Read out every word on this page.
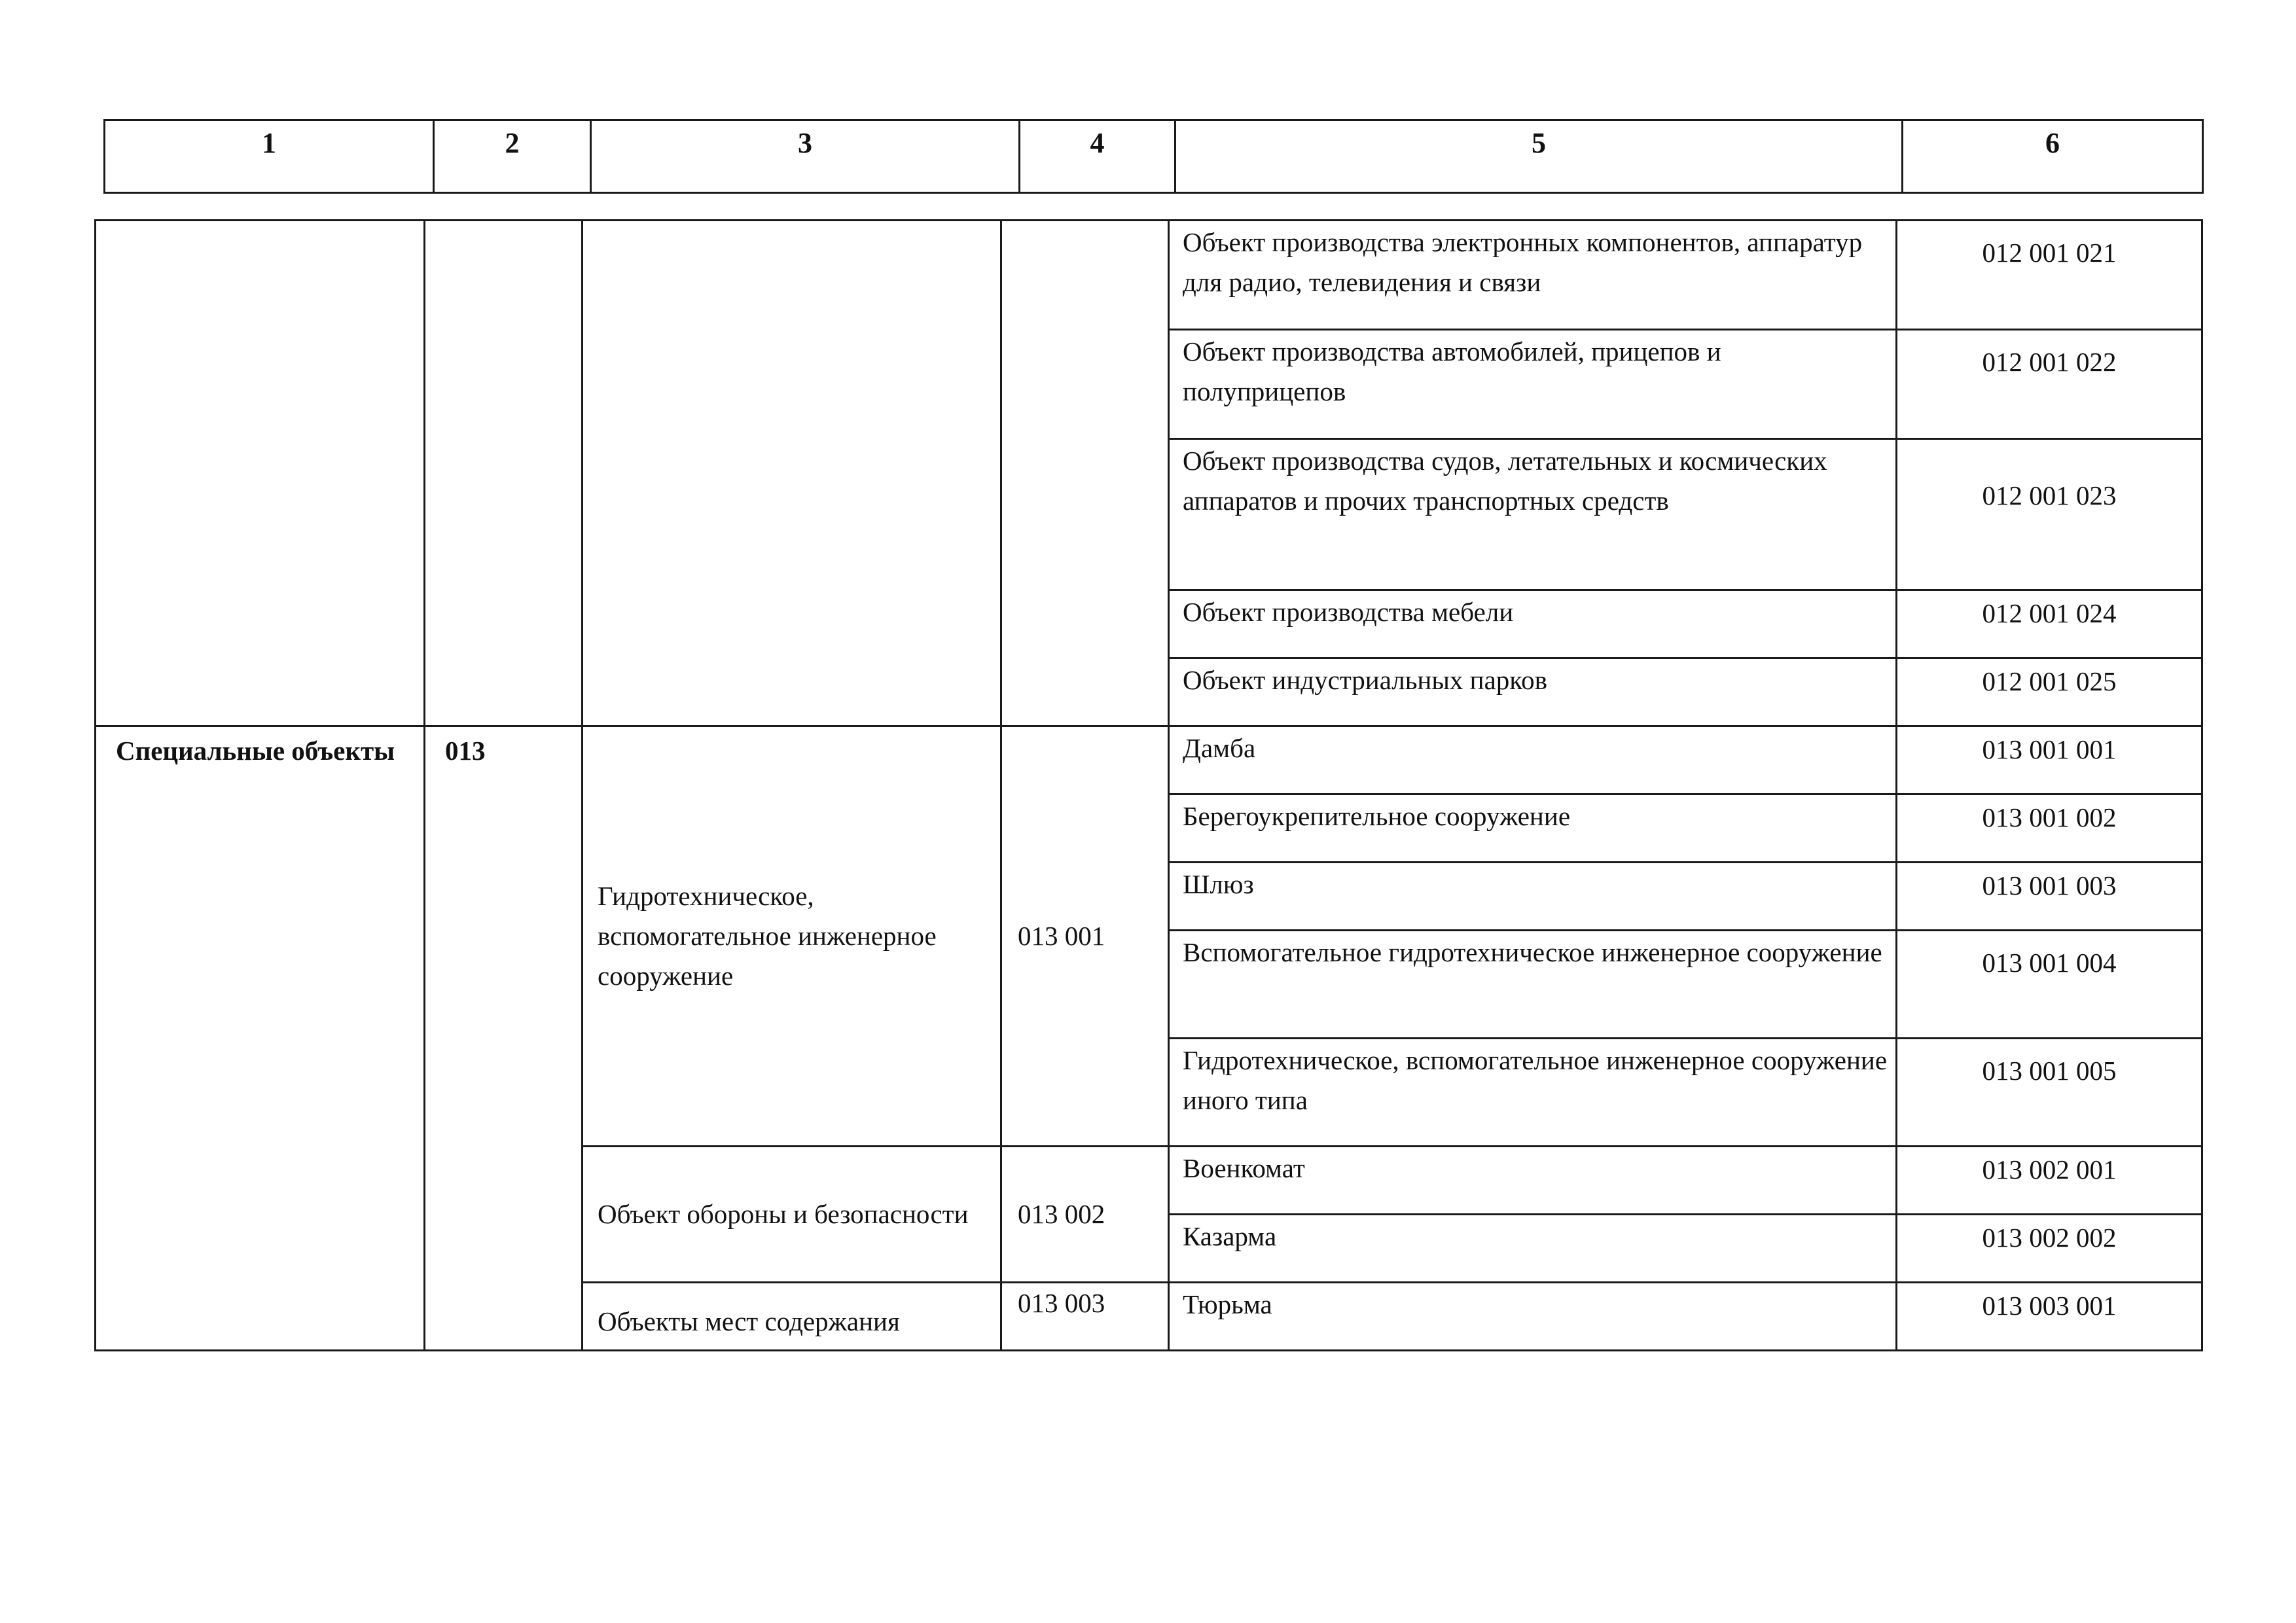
1	2	3	4	5	6
				Объект производства электронных компонентов, аппаратур для радио, телевидения и связи	012 001 021
				Объект производства автомобилей, прицепов и полуприцепов	012 001 022
				Объект производства судов, летательных и космических аппаратов и прочих транспортных средств	012 001 023
				Объект производства мебели	012 001 024
				Объект индустриальных парков	012 001 025
Специальные объекты	013	Гидротехническое, вспомогательное инженерное сооружение	013 001	Дамба	013 001 001
				Берегоукрепительное сооружение	013 001 002
				Шлюз	013 001 003
				Вспомогательное гидротехническое инженерное сооружение	013 001 004
				Гидротехническое, вспомогательное инженерное сооружение иного типа	013 001 005
		Объект обороны и безопасности	013 002	Военкомат	013 002 001
				Казарма	013 002 002
		Объекты мест содержания	013 003	Тюрьма	013 003 001
